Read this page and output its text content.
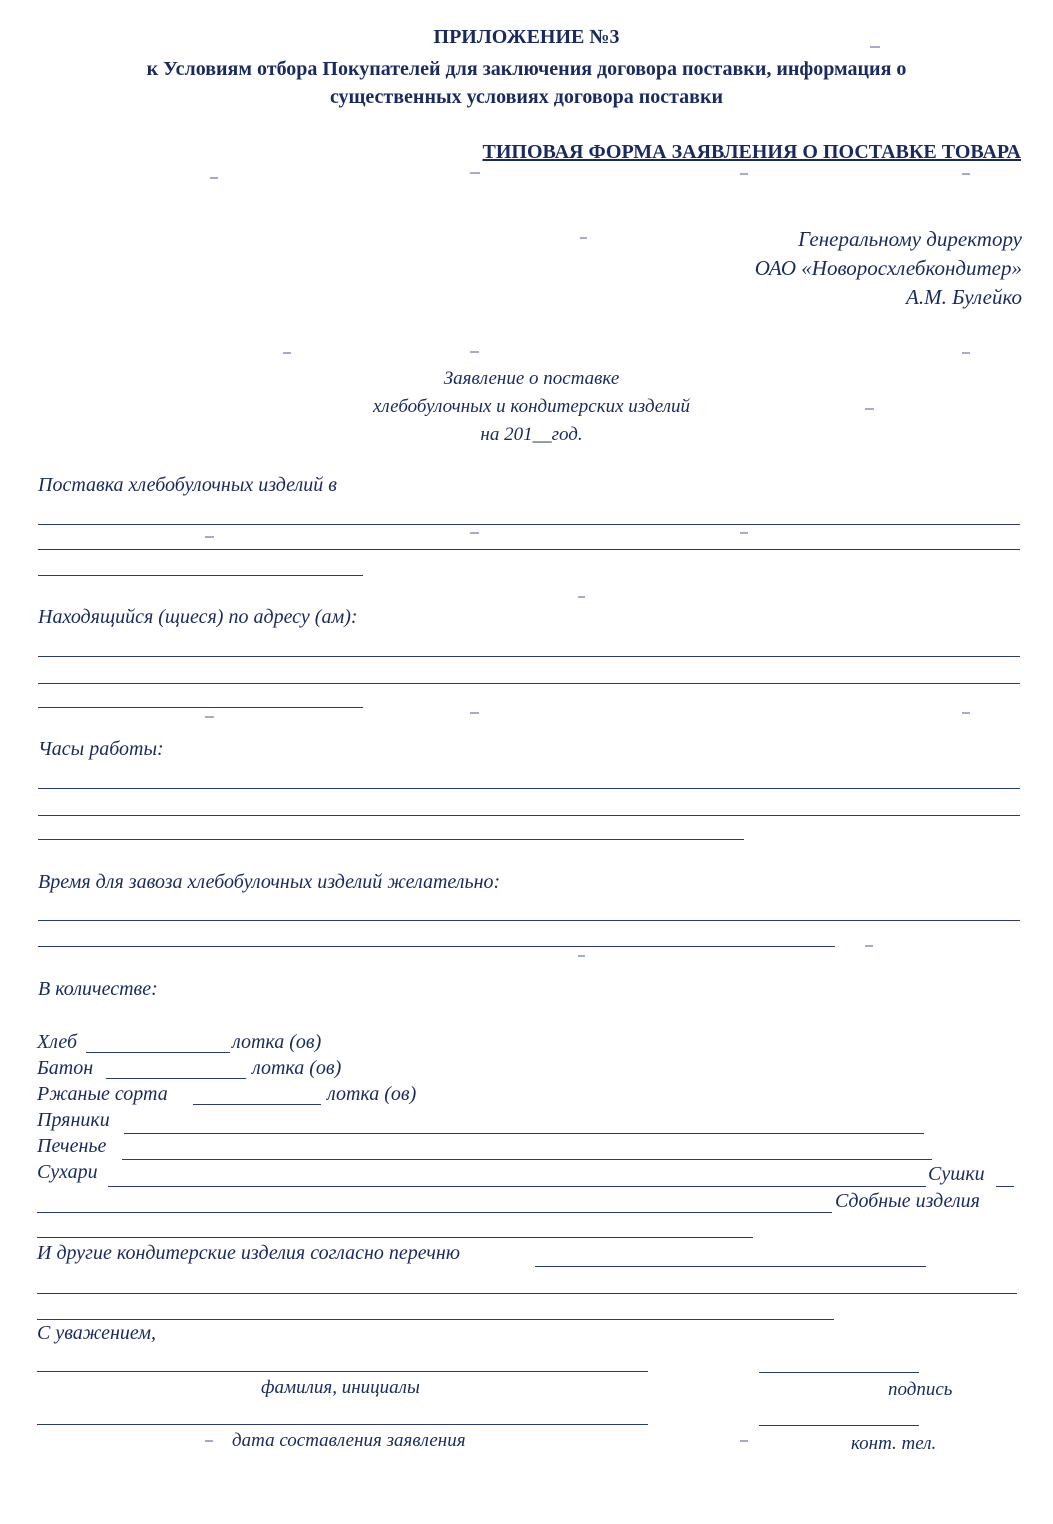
ПРИЛОЖЕНИЕ №3
к Условиям отбора Покупателей для заключения договора поставки, информация о
существенных условиях договора поставки
ТИПОВАЯ ФОРМА ЗАЯВЛЕНИЯ О ПОСТАВКЕ ТОВАРА
Генеральному директору
ОАО «Новоросхлебкондитер»
А.М. Булейко
Заявление о поставке
хлебобулочных и кондитерских изделий
на 201__год.
Поставка хлебобулочных изделий в
Находящийся (щиеся) по адресу (ам):
Часы работы:
Время для завоза хлебобулочных изделий желательно:
В количестве:
Хлеб	лотка (ов)
Батон	лотка (ов)
Ржаные сорта	лотка (ов)
Пряники
Печенье
Сухари	Сушки
Сдобные изделия
И другие кондитерские изделия согласно перечню
С уважением,
фамилия, инициалы	подпись
дата составления заявления	конт. тел.
